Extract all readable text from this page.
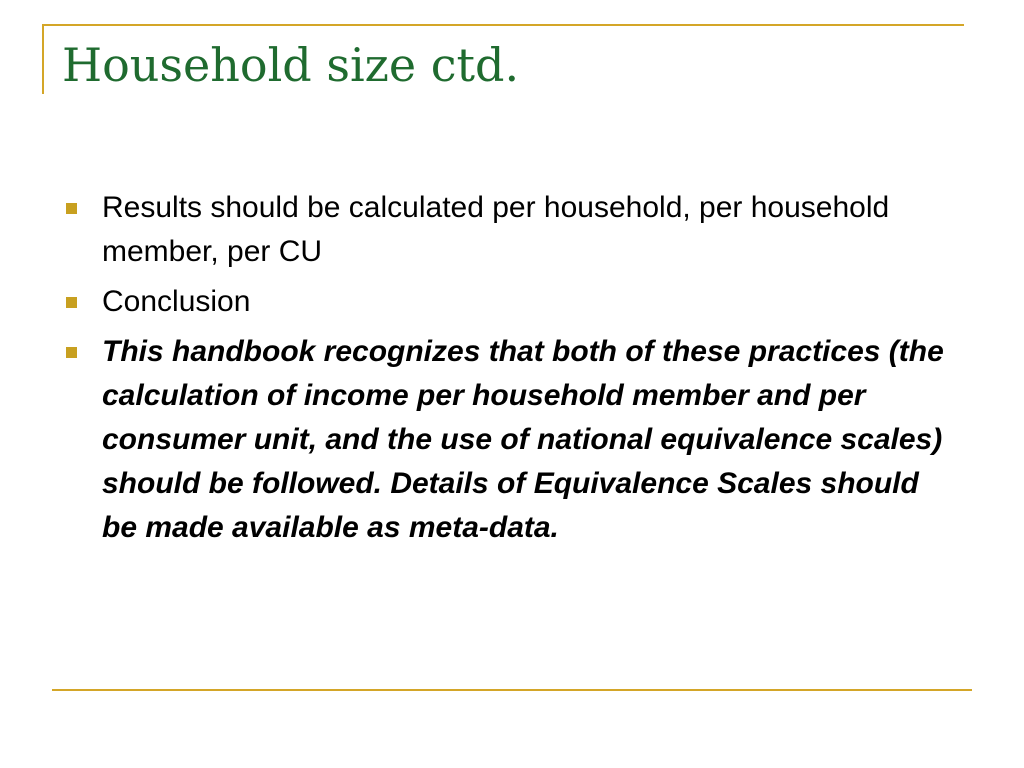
Household size ctd.
Results should be calculated per household, per household member, per CU
Conclusion
This handbook recognizes that both of these practices (the calculation of income per household member and per consumer unit, and the use of national equivalence scales) should be followed. Details of Equivalence Scales should be made available as meta-data.
